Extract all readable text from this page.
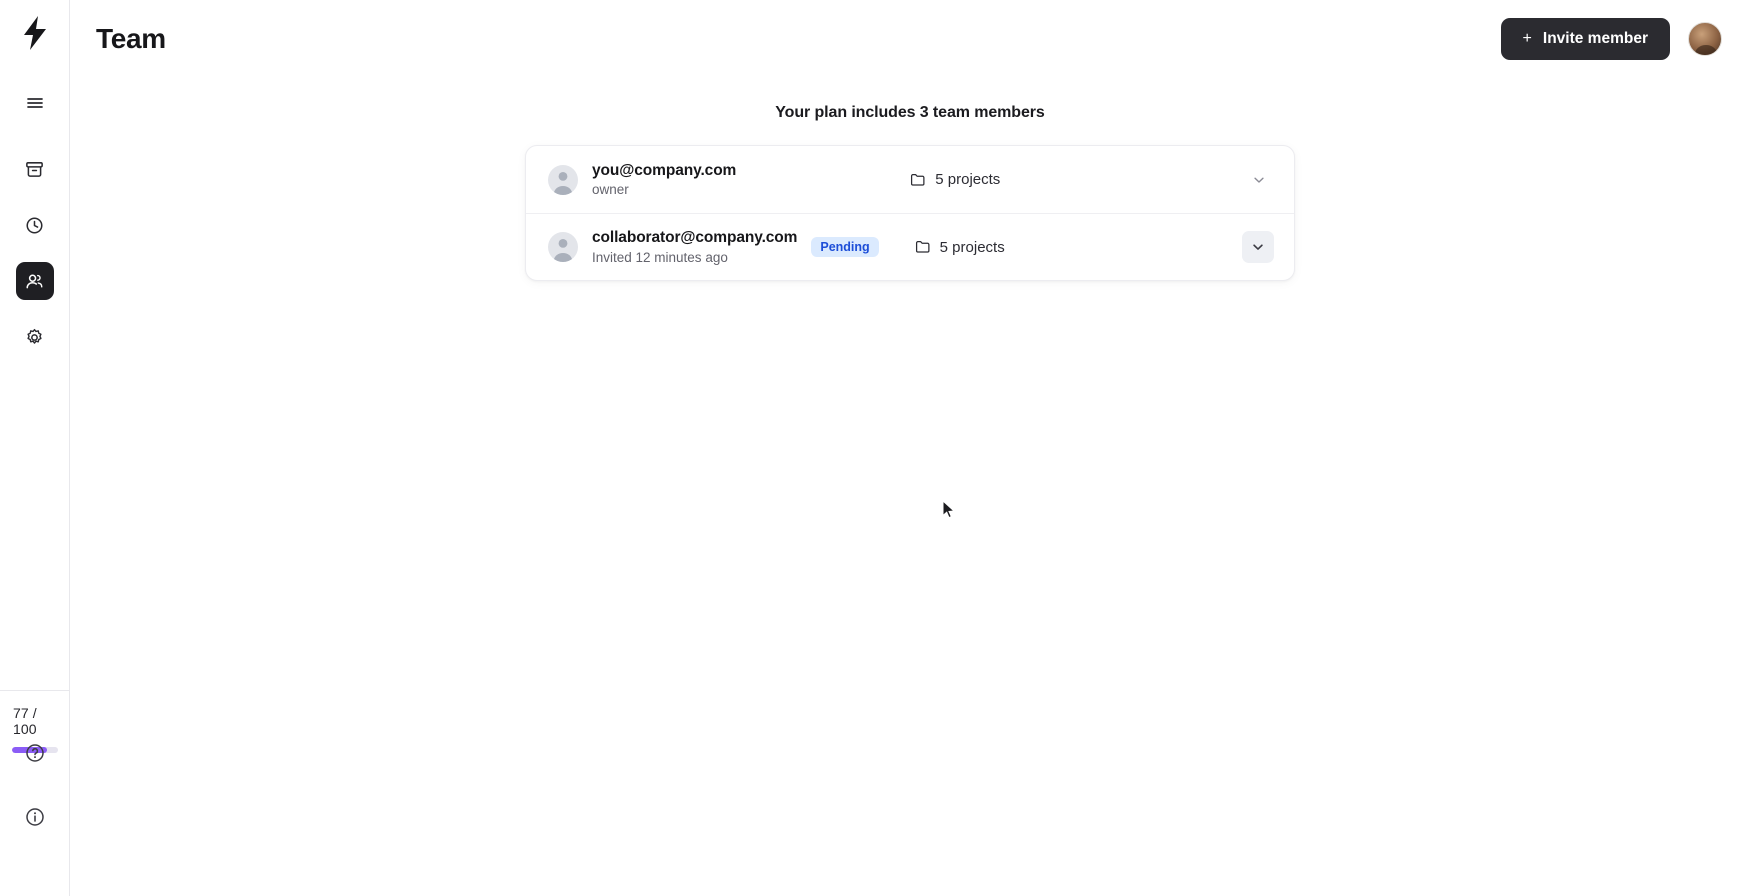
77 / 100
Team	+ Invite member
Your plan includes 3 team members
you@company.com
owner
5 projects
collaborator@company.com
Invited 12 minutes ago
Pending	5 projects
